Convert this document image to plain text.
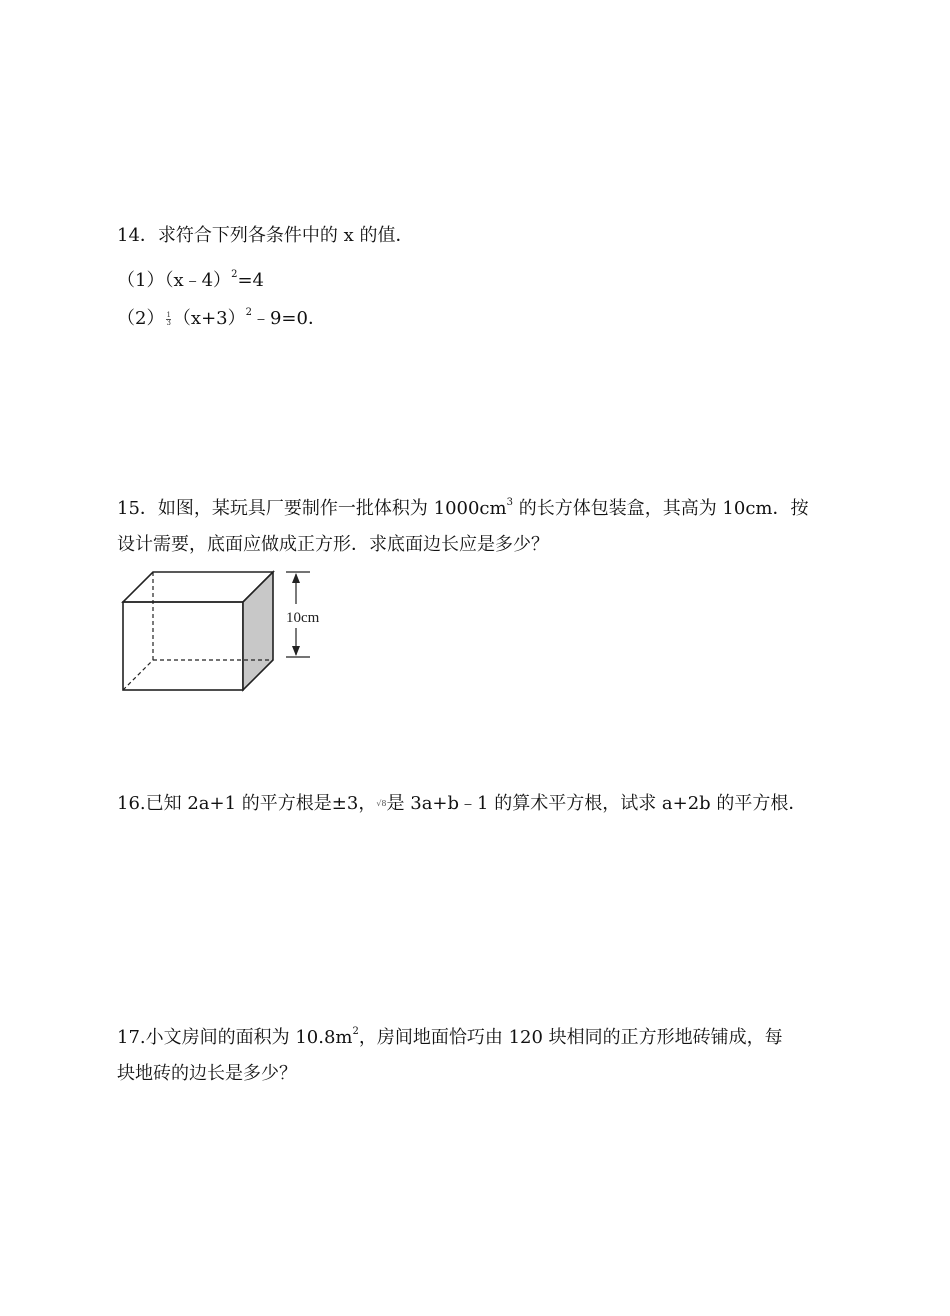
14．求符合下列各条件中的 x 的值．
（1）（x﹣4）$^2$=4
$(2) \frac{1}{3}$ $(x+3)^2﹣9=0$．
15．如图，某玩具厂要制作一批体积为 $1000cm^3$ 的长方体包装盒，其高为 10cm．按
设计需要，底面应做成正方形．求底面边长应是多少？
10cm
16.已知 2a+1 的平方根是±3，√8是 3a+b﹣1 的算术平方根，试求 a+2b 的平方根．
17.小文房间的面积为 $10.8m^2$，房间地面恰巧由 120 块相同的正方形地砖铺成，每
块地砖的边长是多少？
